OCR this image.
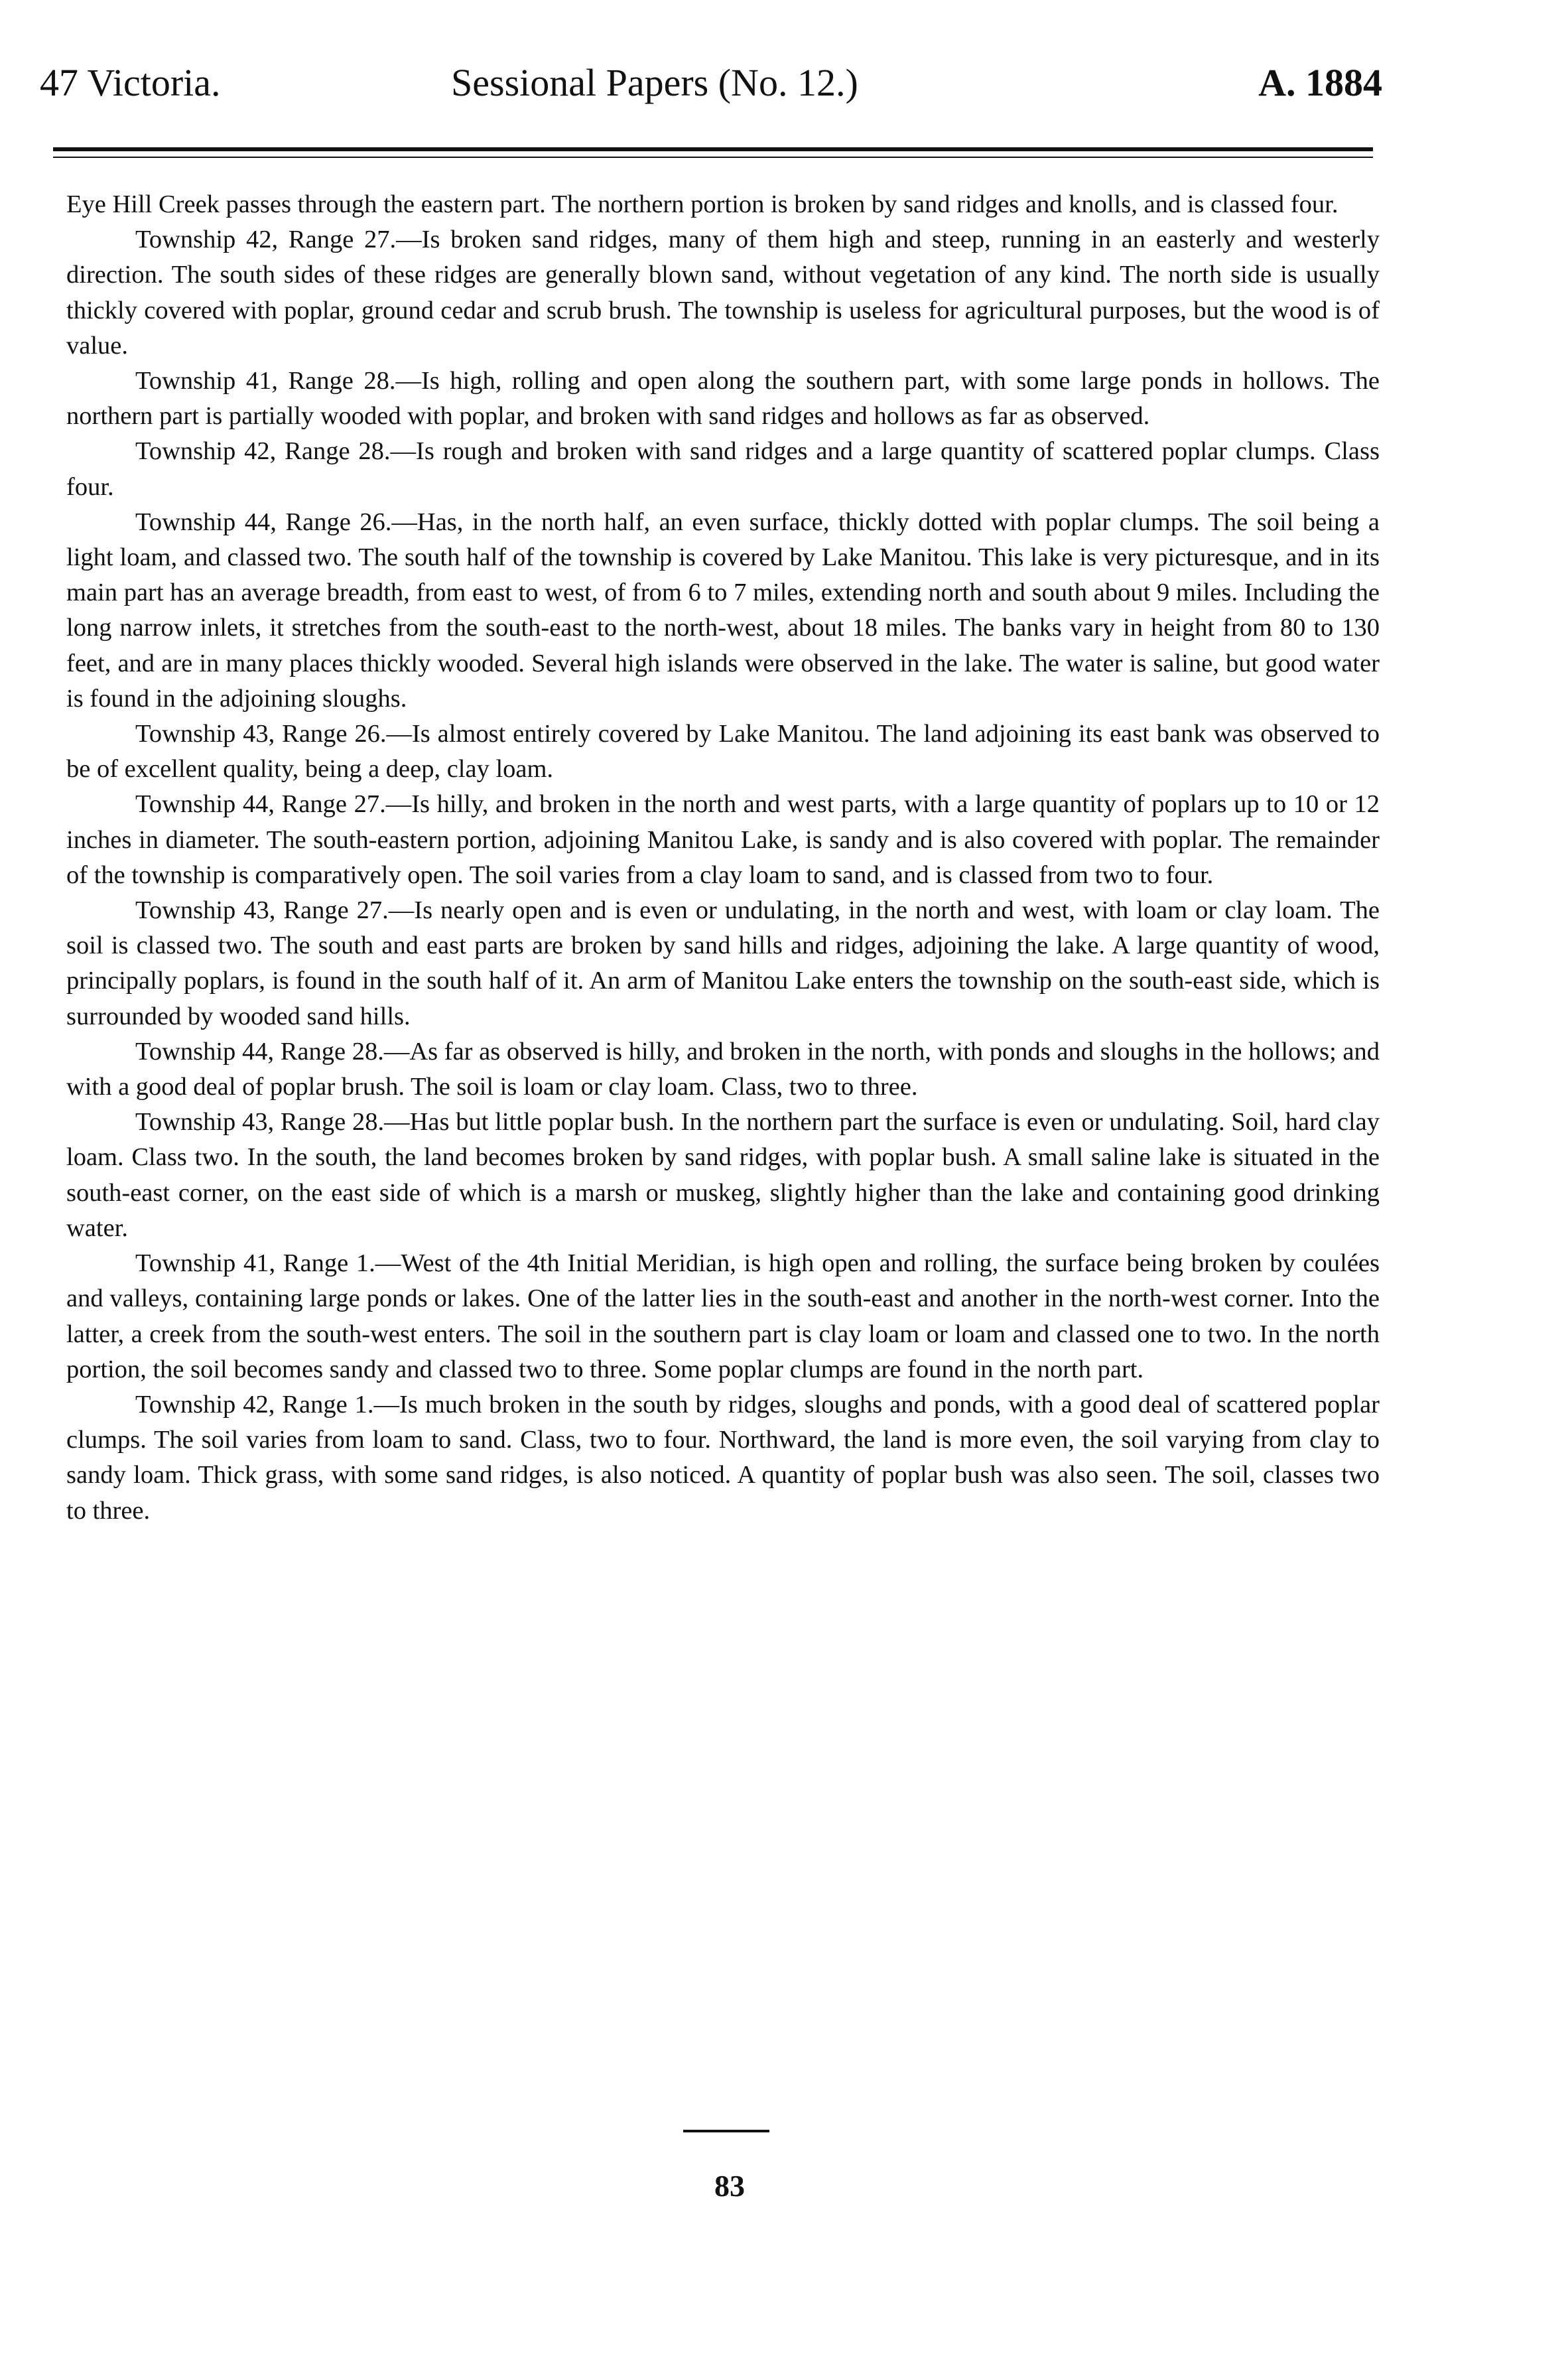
47 Victoria.	Sessional Papers (No. 12.)	A. 1884

Eye Hill Creek passes through the eastern part. The northern portion is broken by sand ridges and knolls, and is classed four.

Township 42, Range 27.—Is broken sand ridges, many of them high and steep, running in an easterly and westerly direction. The south sides of these ridges are generally blown sand, without vegetation of any kind. The north side is usually thickly covered with poplar, ground cedar and scrub brush. The township is useless for agricultural purposes, but the wood is of value.

Township 41, Range 28.—Is high, rolling and open along the southern part, with some large ponds in hollows. The northern part is partially wooded with poplar, and broken with sand ridges and hollows as far as observed.

Township 42, Range 28.—Is rough and broken with sand ridges and a large quantity of scattered poplar clumps. Class four.

Township 44, Range 26.—Has, in the north half, an even surface, thickly dotted with poplar clumps. The soil being a light loam, and classed two. The south half of the township is covered by Lake Manitou. This lake is very picturesque, and in its main part has an average breadth, from east to west, of from 6 to 7 miles, extending north and south about 9 miles. Including the long narrow inlets, it stretches from the south-east to the north-west, about 18 miles. The banks vary in height from 80 to 130 feet, and are in many places thickly wooded. Several high islands were observed in the lake. The water is saline, but good water is found in the adjoining sloughs.

Township 43, Range 26.—Is almost entirely covered by Lake Manitou. The land adjoining its east bank was observed to be of excellent quality, being a deep, clay loam.

Township 44, Range 27.—Is hilly, and broken in the north and west parts, with a large quantity of poplars up to 10 or 12 inches in diameter. The south-eastern portion, adjoining Manitou Lake, is sandy and is also covered with poplar. The remainder of the township is comparatively open. The soil varies from a clay loam to sand, and is classed from two to four.

Township 43, Range 27.—Is nearly open and is even or undulating, in the north and west, with loam or clay loam. The soil is classed two. The south and east parts are broken by sand hills and ridges, adjoining the lake. A large quantity of wood, principally poplars, is found in the south half of it. An arm of Manitou Lake enters the township on the south-east side, which is surrounded by wooded sand hills.

Township 44, Range 28.—As far as observed is hilly, and broken in the north, with ponds and sloughs in the hollows; and with a good deal of poplar brush. The soil is loam or clay loam. Class, two to three.

Township 43, Range 28.—Has but little poplar bush. In the northern part the surface is even or undulating. Soil, hard clay loam. Class two. In the south, the land becomes broken by sand ridges, with poplar bush. A small saline lake is situated in the south-east corner, on the east side of which is a marsh or muskeg, slightly higher than the lake and containing good drinking water.

Township 41, Range 1.—West of the 4th Initial Meridian, is high open and rolling, the surface being broken by coulées and valleys, containing large ponds or lakes. One of the latter lies in the south-east and another in the north-west corner. Into the latter, a creek from the south-west enters. The soil in the southern part is clay loam or loam and classed one to two. In the north portion, the soil becomes sandy and classed two to three. Some poplar clumps are found in the north part.

Township 42, Range 1.—Is much broken in the south by ridges, sloughs and ponds, with a good deal of scattered poplar clumps. The soil varies from loam to sand. Class, two to four. Northward, the land is more even, the soil varying from clay to sandy loam. Thick grass, with some sand ridges, is also noticed. A quantity of poplar bush was also seen. The soil, classes two to three.

83
